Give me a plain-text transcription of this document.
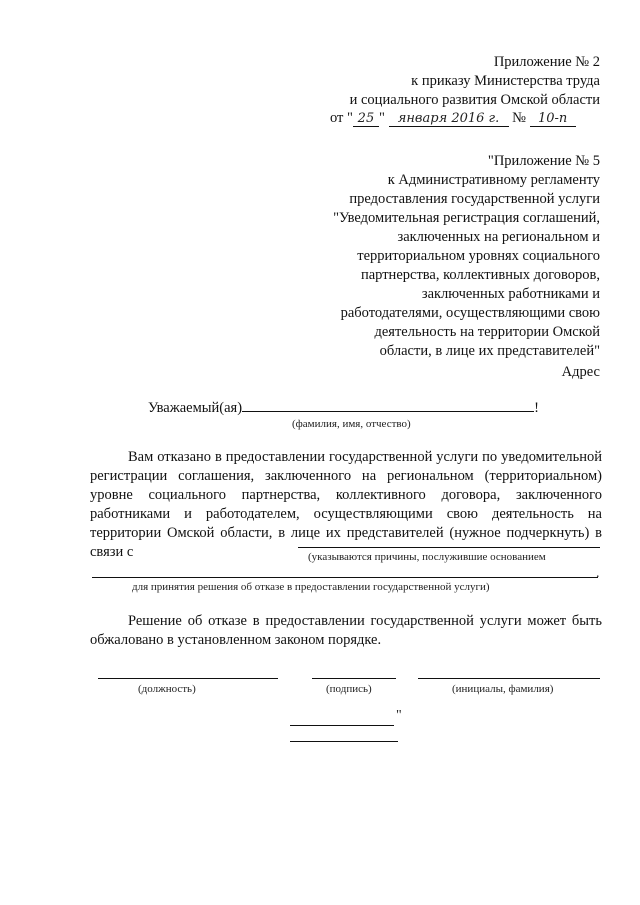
Приложение № 2
к приказу Министерства труда
и социального развития Омской области
от " 25 " января 2016 г. № 10-п
"Приложение № 5
к Административному регламенту
предоставления государственной услуги
"Уведомительная регистрация соглашений,
заключенных на региональном и
территориальном уровнях социального
партнерства, коллективных договоров,
заключенных работниками и
работодателями, осуществляющими свою
деятельность на территории Омской
области, в лице их представителей"
Адрес
Уважаемый(ая)	!
(фамилия, имя, отчество)

Вам отказано в предоставлении государственной услуги по уведомительной регистрации соглашения, заключенного на региональном (территориальном) уровне социального партнерства, коллективного договора, заключенного работниками и работодателем, осуществляющими свою деятельность на территории Омской области, в лице их представителей (нужное подчеркнуть) в связи с	(указываются причины, послужившие основанием
.
для принятия решения об отказе в предоставлении государственной услуги)

Решение об отказе в предоставлении государственной услуги может быть обжаловано в установленном законом порядке.

(должность)	(подпись)	(инициалы, фамилия)
"
